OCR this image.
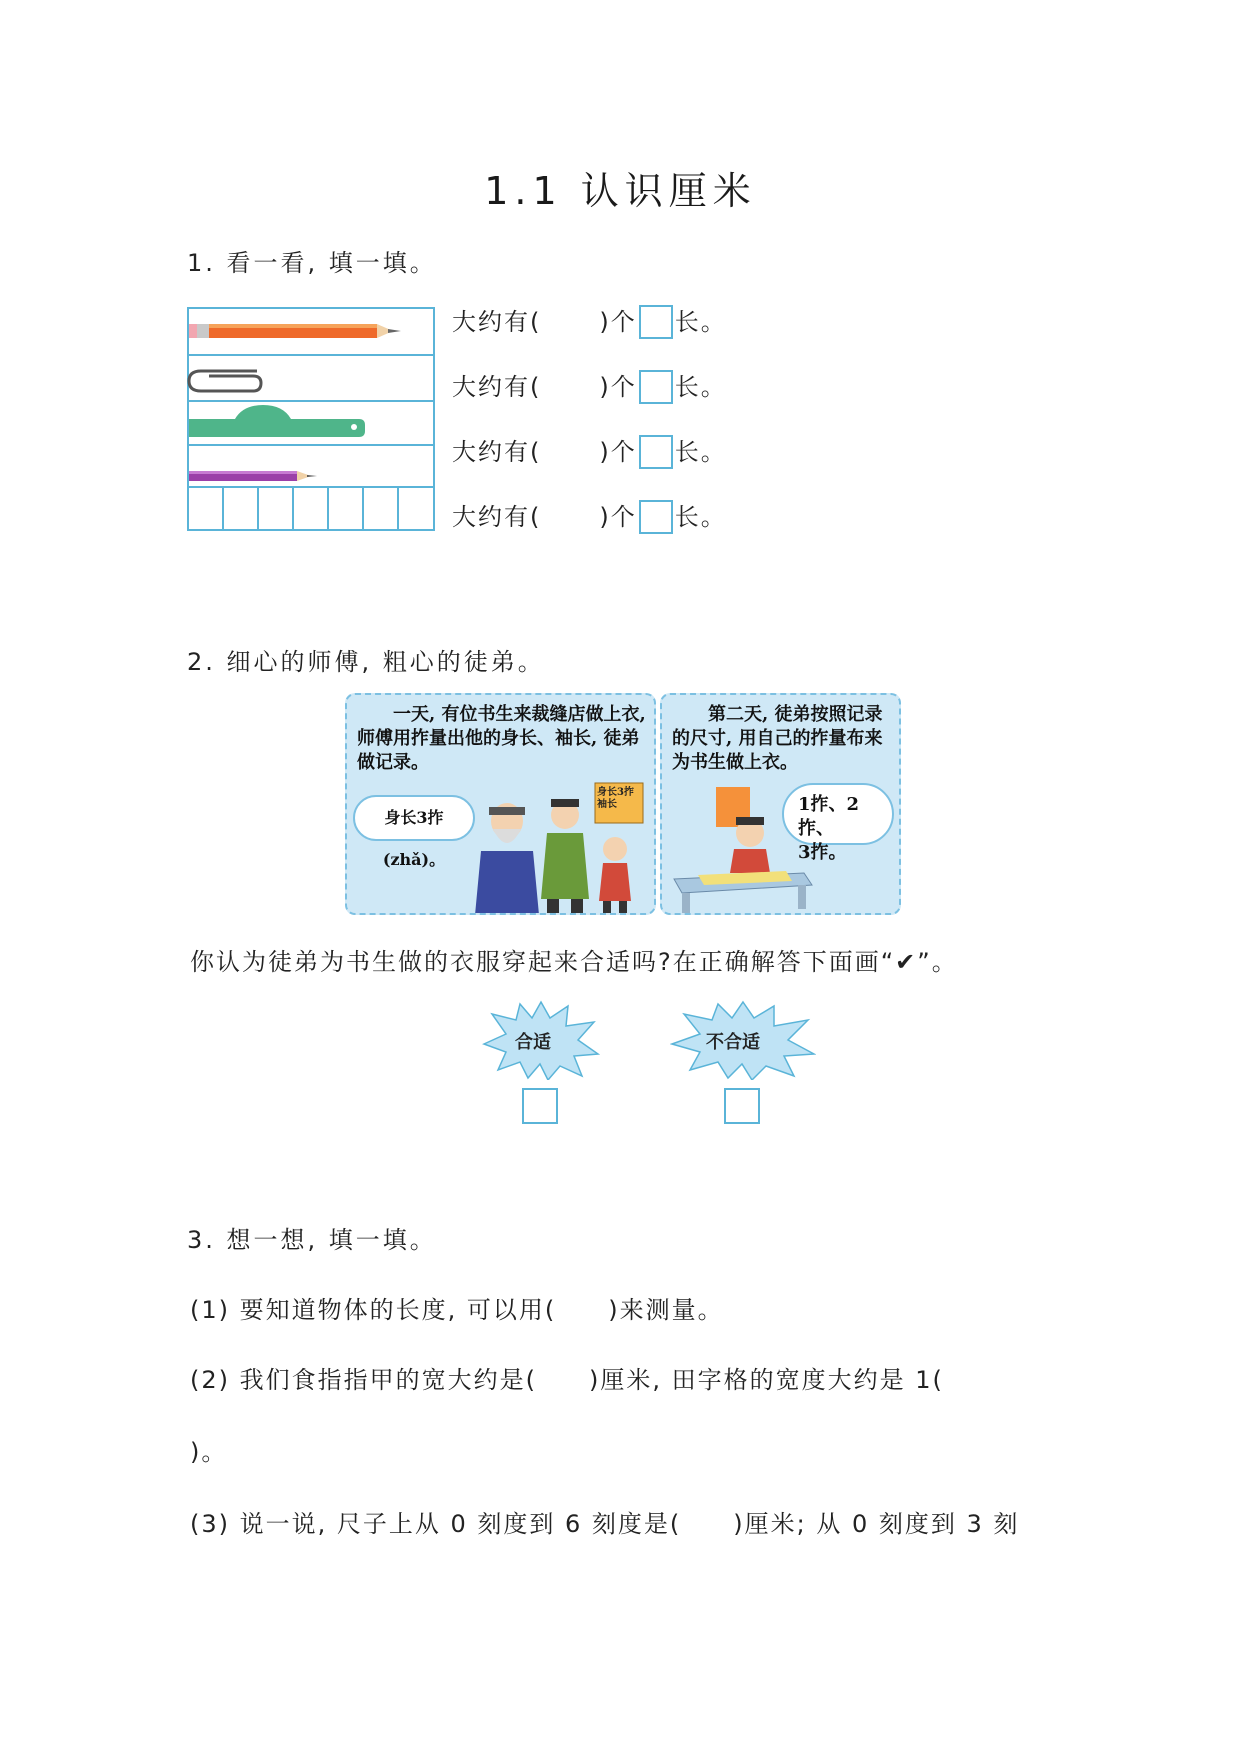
1.1 认识厘米
1. 看一看, 填一填。
大约有( )个 长。
大约有( )个 长。
大约有( )个 长。
大约有( )个 长。
2. 细心的师傅, 粗心的徒弟。
　　一天, 有位书生来裁缝店做上衣, 师傅用拃量出他的身长、袖长, 徒弟做记录。
身长3拃(zhǎ)。
身长3拃
袖长
　　第二天, 徒弟按照记录的尺寸, 用自己的拃量布来为书生做上衣。
1拃、2拃、
3拃。
你认为徒弟为书生做的衣服穿起来合适吗?在正确解答下面画“✔”。
合适	不合适
3. 想一想, 填一填。
(1) 要知道物体的长度, 可以用(　　)来测量。
(2) 我们食指指甲的宽大约是(　　)厘米, 田字格的宽度大约是 1(
)。
(3) 说一说, 尺子上从 0 刻度到 6 刻度是(　　)厘米; 从 0 刻度到 3 刻
